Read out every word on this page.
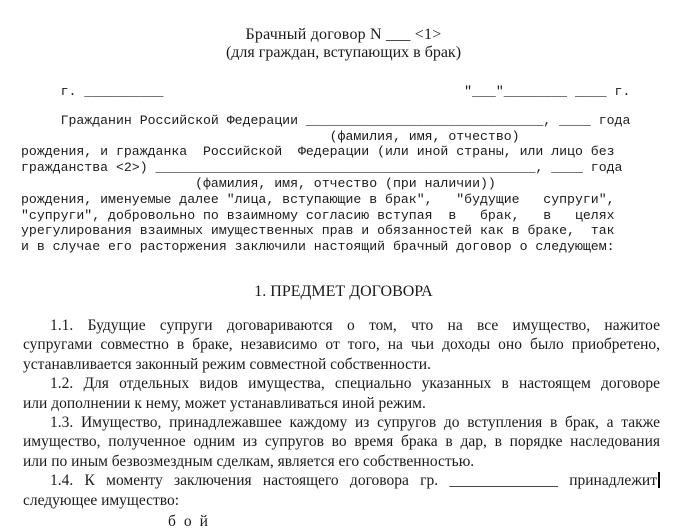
Брачный договор N ___ <1>
(для граждан, вступающих в брак)
г. __________                                      "___"________ ____ г.
Гражданин Российской Федерации ______________________________, ____ года
(фамилия, имя, отчество)
рождения, и гражданка  Российской  Федерации (или иной страны, или лицо без
гражданства <2>) ________________________________________________, ____ года
(фамилия, имя, отчество (при наличии))
рождения, именуемые далее "лица, вступающие в брак",   "будущие   супруги",
"супруги", добровольно по взаимному согласию вступая  в   брак,   в   целях
урегулирования взаимных имущественных прав и обязанностей как в браке,  так
и в случае его расторжения заключили настоящий брачный договор о следующем:
1. ПРЕДМЕТ ДОГОВОРА
1.1. Будущие супруги договариваются о том, что на все имущество, нажитое
супругами совместно в браке, независимо от того, на чьи доходы оно было приобретено,
устанавливается законный режим совместной собственности.
1.2. Для отдельных видов имущества, специально указанных в настоящем договоре
или дополнении к нему, может устанавливаться иной режим.
1.3. Имущество, принадлежавшее каждому из супругов до вступления в брак, а также
имущество, полученное одним из супругов во время брака в дар, в порядке наследования
или по иным безвозмездным сделкам, является его собственностью.
1.4. К моменту заключения настоящего договора гр. ______________ принадлежит
следующее имущество:
бой
